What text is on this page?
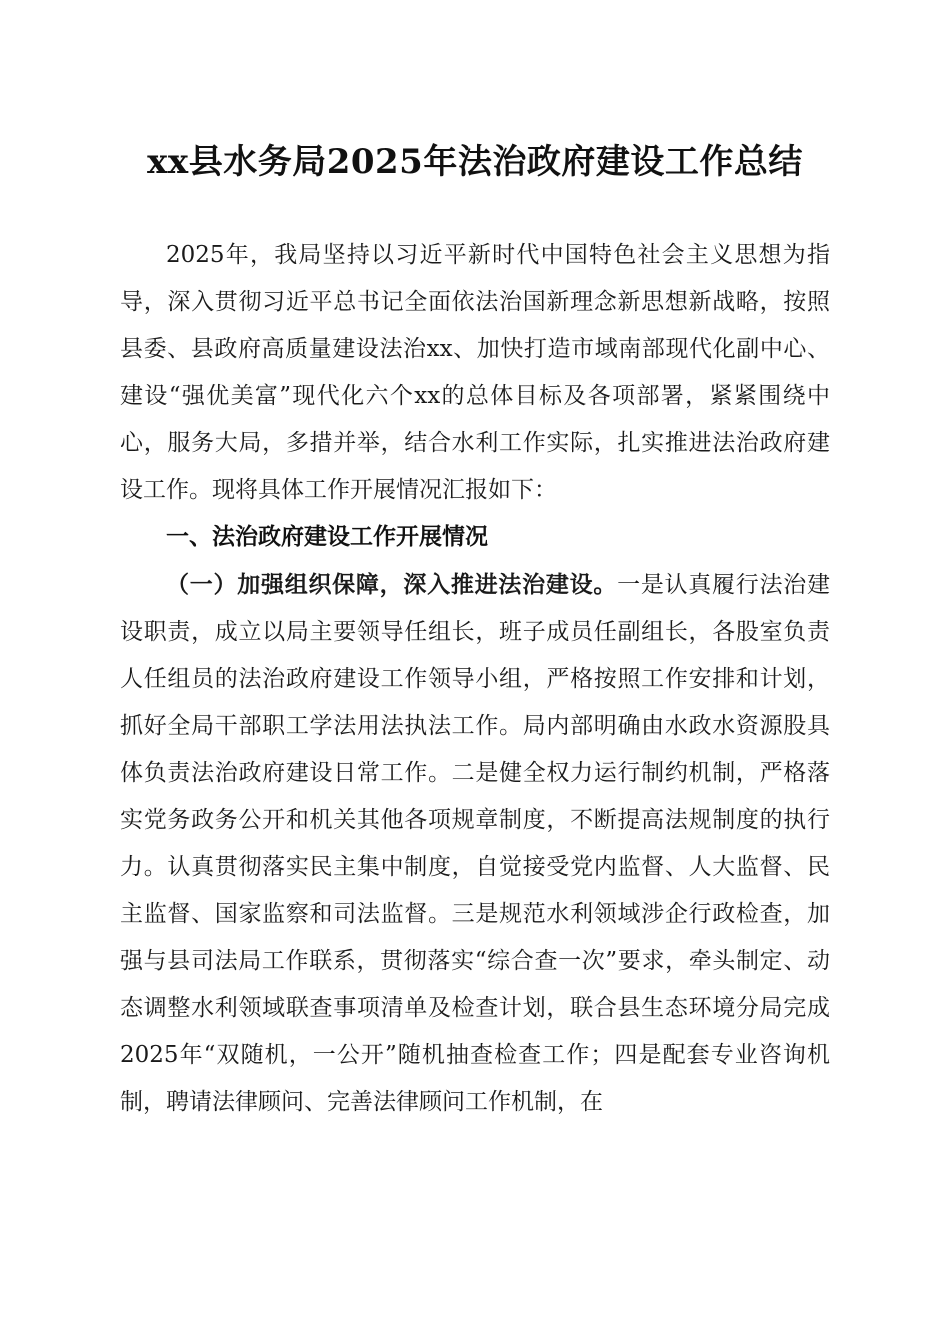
xx县水务局2025年法治政府建设工作总结

2025年，我局坚持以习近平新时代中国特色社会主义思想为指导，深入贯彻习近平总书记全面依法治国新理念新思想新战略，按照县委、县政府高质量建设法治xx、加快打造市域南部现代化副中心、建设“强优美富”现代化六个xx的总体目标及各项部署，紧紧围绕中心，服务大局，多措并举，结合水利工作实际，扎实推进法治政府建设工作。现将具体工作开展情况汇报如下：

一、法治政府建设工作开展情况

（一）加强组织保障，深入推进法治建设。一是认真履行法治建设职责，成立以局主要领导任组长，班子成员任副组长，各股室负责人任组员的法治政府建设工作领导小组，严格按照工作安排和计划，抓好全局干部职工学法用法执法工作。局内部明确由水政水资源股具体负责法治政府建设日常工作。二是健全权力运行制约机制，严格落实党务政务公开和机关其他各项规章制度，不断提高法规制度的执行力。认真贯彻落实民主集中制度，自觉接受党内监督、人大监督、民主监督、国家监察和司法监督。三是规范水利领域涉企行政检查，加强与县司法局工作联系，贯彻落实“综合查一次”要求，牵头制定、动态调整水利领域联查事项清单及检查计划，联合县生态环境分局完成2025年“双随机，一公开”随机抽查检查工作；四是配套专业咨询机制，聘请法律顾问、完善法律顾问工作机制，在
